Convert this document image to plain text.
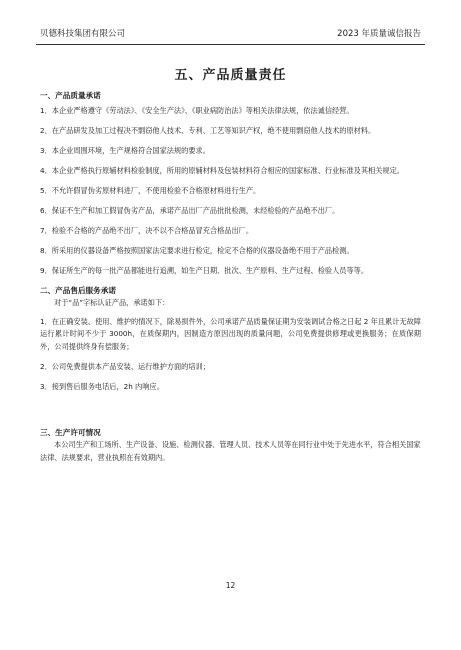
贝德科技集团有限公司	2023 年质量诚信报告
五、产品质量责任

一、产品质量承诺

1．本企业严格遵守《劳动法》、《安全生产法》、《职业病防治法》等相关法律法规，依法诚信经营。

2．在产品研发及加工过程决不剽窃他人技术、专利、工艺等知识产权，绝不使用剽窃他人技术的原材料。

3．本企业周围环境，生产规格符合国家法规的要求。

4．本企业严格执行原辅材料检验制度，所用的原辅材料及包装材料符合相应的国家标准、行业标准及其相关规定。

5．不允许假冒伪劣原材料进厂，不使用检验不合格原材料进行生产。

6．保证不生产和加工假冒伪劣产品，承诺产品出厂产品批批检测，未经检验的产品绝不出厂。

7．检验不合格的产品绝不出厂，决不以不合格品冒充合格品出厂。

8．所采用的仪器设备严格按照国家法定要求进行检定，检定不合格的仪器设备绝不用于产品检测。

9．保证所生产的每一批产品都能进行追溯，如生产日期、批次、生产原料、生产过程、检验人员等等。

二、产品售后服务承诺

对于“品”字标认证产品，承诺如下：

1．在正确安装、使用、维护的情况下，除易损件外，公司承诺产品质量保证期为安装调试合格之日起 2 年且累计无故障运行累计时间不少于 3000h，在质保期内，因制造方原因出现的质量问题，公司免费提供修理或更换服务；在质保期外，公司提供终身有偿服务；

2．公司免费提供本产品安装、运行维护方面的培训；

3．接到售后服务电话后，2h 内响应。

三、生产许可情况

本公司生产和工场所、生产设备、设施、检测仪器、管理人员、技术人员等在同行业中处于先进水平，符合相关国家法律、法规要求，营业执照在有效期内。

12
